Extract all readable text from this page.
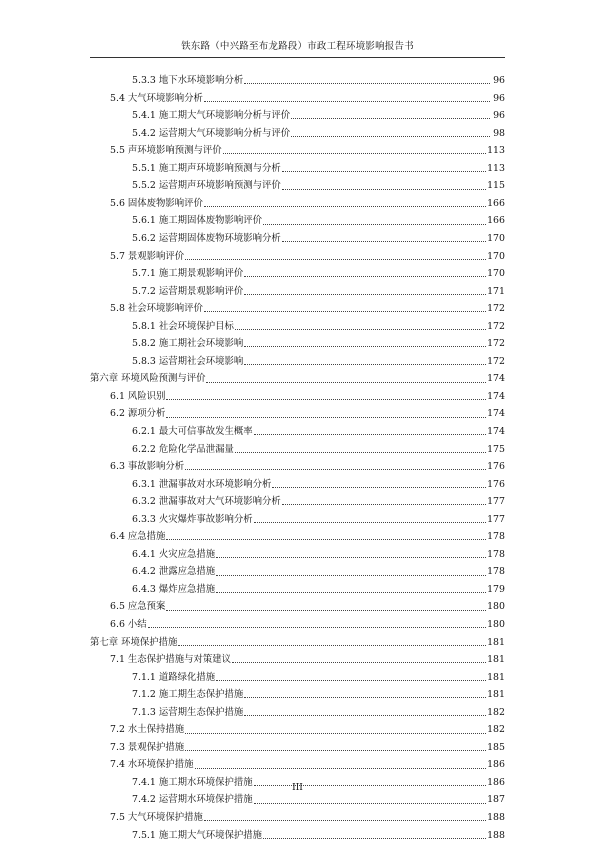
铁东路（中兴路至布龙路段）市政工程环境影响报告书
5.3.3 地下水环境影响分析	96
5.4 大气环境影响分析	96
5.4.1 施工期大气环境影响分析与评价	96
5.4.2 运营期大气环境影响分析与评价	98
5.5 声环境影响预测与评价	113
5.5.1 施工期声环境影响预测与分析	113
5.5.2 运营期声环境影响预测与评价	115
5.6 固体废物影响评价	166
5.6.1 施工期固体废物影响评价	166
5.6.2 运营期固体废物环境影响分析	170
5.7 景观影响评价	170
5.7.1 施工期景观影响评价	170
5.7.2 运营期景观影响评价	171
5.8 社会环境影响评价	172
5.8.1 社会环境保护目标	172
5.8.2 施工期社会环境影响	172
5.8.3 运营期社会环境影响	172
第六章 环境风险预测与评价	174
6.1 风险识别	174
6.2 源项分析	174
6.2.1 最大可信事故发生概率	174
6.2.2 危险化学品泄漏量	175
6.3 事故影响分析	176
6.3.1 泄漏事故对水环境影响分析	176
6.3.2 泄漏事故对大气环境影响分析	177
6.3.3 火灾爆炸事故影响分析	177
6.4 应急措施	178
6.4.1 火灾应急措施	178
6.4.2 泄露应急措施	178
6.4.3 爆炸应急措施	179
6.5 应急预案	180
6.6 小结	180
第七章 环境保护措施	181
7.1 生态保护措施与对策建议	181
7.1.1 道路绿化措施	181
7.1.2 施工期生态保护措施	181
7.1.3 运营期生态保护措施	182
7.2 水土保持措施	182
7.3 景观保护措施	185
7.4 水环境保护措施	186
7.4.1 施工期水环境保护措施	186
7.4.2 运营期水环境保护措施	187
7.5 大气环境保护措施	188
7.5.1 施工期大气环境保护措施	188
III
